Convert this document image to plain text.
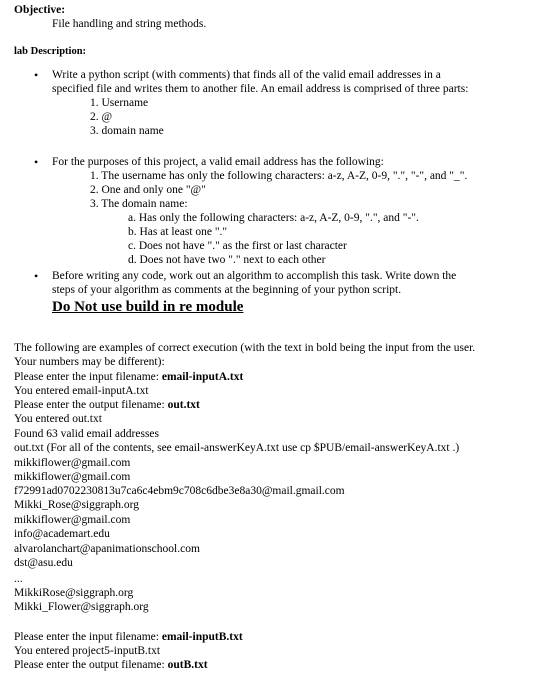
Objective:
File handling and string methods.
lab Description:
• Write a python script (with comments) that finds all of the valid email addresses in a
specified file and writes them to another file. An email address is comprised of three parts:
1. Username
2. @
3. domain name
• For the purposes of this project, a valid email address has the following:
1. The username has only the following characters: a-z, A-Z, 0-9, ".", "-", and "_".
2. One and only one "@"
3. The domain name:
a. Has only the following characters: a-z, A-Z, 0-9, ".", and "-".
b. Has at least one "."
c. Does not have "." as the first or last character
d. Does not have two "." next to each other
• Before writing any code, work out an algorithm to accomplish this task. Write down the
steps of your algorithm as comments at the beginning of your python script.
Do Not use build in re module
The following are examples of correct execution (with the text in bold being the input from the user.
Your numbers may be different):
Please enter the input filename: email-inputA.txt
You entered email-inputA.txt
Please enter the output filename: out.txt
You entered out.txt
Found 63 valid email addresses
out.txt (For all of the contents, see email-answerKeyA.txt use cp $PUB/email-answerKeyA.txt .)
mikkiflower@gmail.com
mikkiflower@gmail.com
f72991ad0702230813u7ca6c4ebm9c708c6dbe3e8a30@mail.gmail.com
Mikki_Rose@siggraph.org
mikkiflower@gmail.com
info@academart.edu
alvarolanchart@apanimationschool.com
dst@asu.edu
...
MikkiRose@siggraph.org
Mikki_Flower@siggraph.org
Please enter the input filename: email-inputB.txt
You entered project5-inputB.txt
Please enter the output filename: outB.txt
